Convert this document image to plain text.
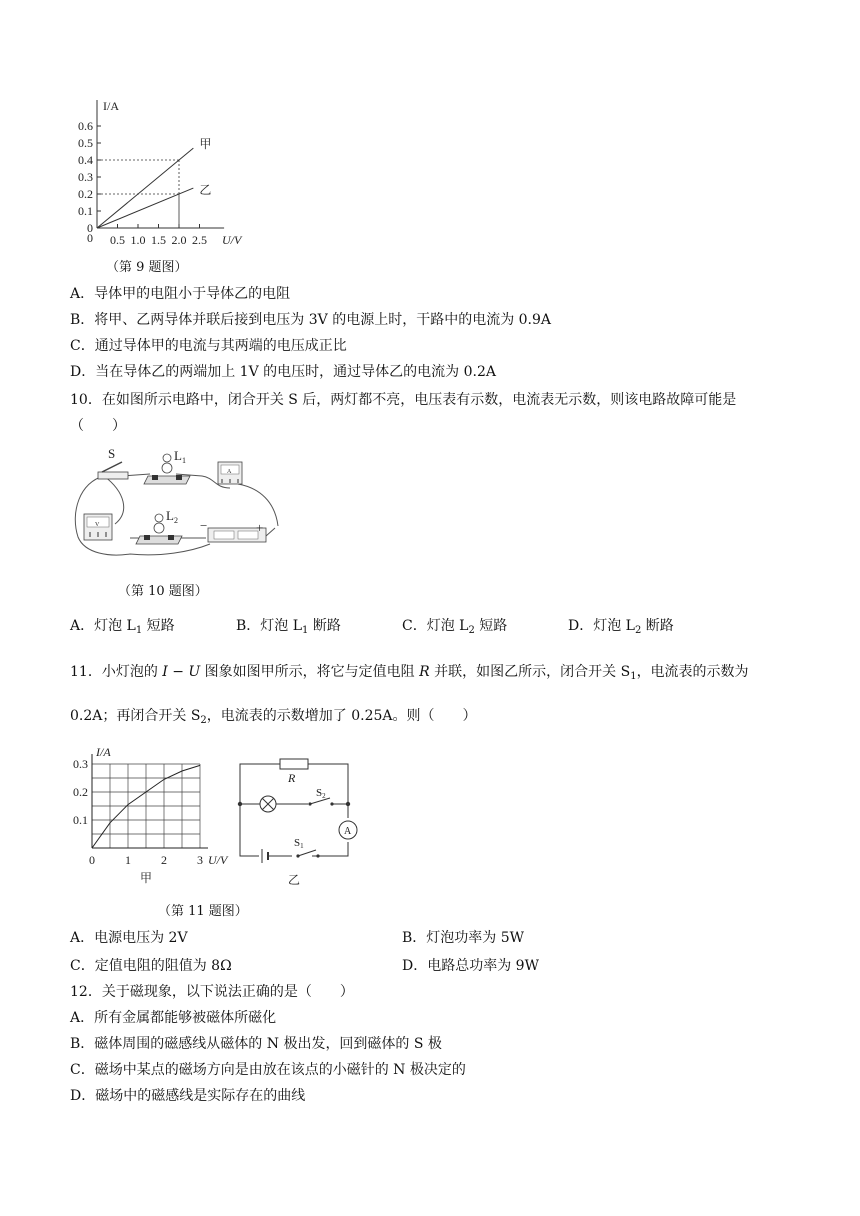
0
0.1
0.2
0.3
0.4
0.5
0.6
0.5 1.0 1.5 2.0 2.5
0
I/A
U/V
甲
乙
（第 9 题图）
A．导体甲的电阻小于导体乙的电阻
B．将甲、乙两导体并联后接到电压为 3V 的电源上时，干路中的电流为 0.9A
C．通过导体甲的电流与其两端的电压成正比
D．当在导体乙的两端加上 1V 的电压时，通过导体乙的电流为 0.2A
10．在如图所示电路中，闭合开关 S 后，两灯都不亮，电压表有示数，电流表无示数，则该电路故障可能是
（　　）
S	$L_1$
A
V
$L_2$ −	+
（第 10 题图）
A．灯泡 $L_1$ 短路	B．灯泡 $L_1$ 断路	C．灯泡 $L_2$ 短路	D．灯泡 $L_2$ 断路
11．小灯泡的 I − U 图象如图甲所示，将它与定值电阻 R 并联，如图乙所示，闭合开关 $S_1$，电流表的示数为
0.2A；再闭合开关 $S_2$，电流表的示数增加了 0.25A。则（　　）
0.1
0.2
0.3
0	1	2	3
I/A
U/V
甲
R
S2
A
S1
乙
（第 11 题图）
A．电源电压为 2V	B．灯泡功率为 5W
C．定值电阻的阻值为 8Ω	D．电路总功率为 9W
12．关于磁现象，以下说法正确的是（　　）
A．所有金属都能够被磁体所磁化
B．磁体周围的磁感线从磁体的 N 极出发，回到磁体的 S 极
C．磁场中某点的磁场方向是由放在该点的小磁针的 N 极决定的
D．磁场中的磁感线是实际存在的曲线
